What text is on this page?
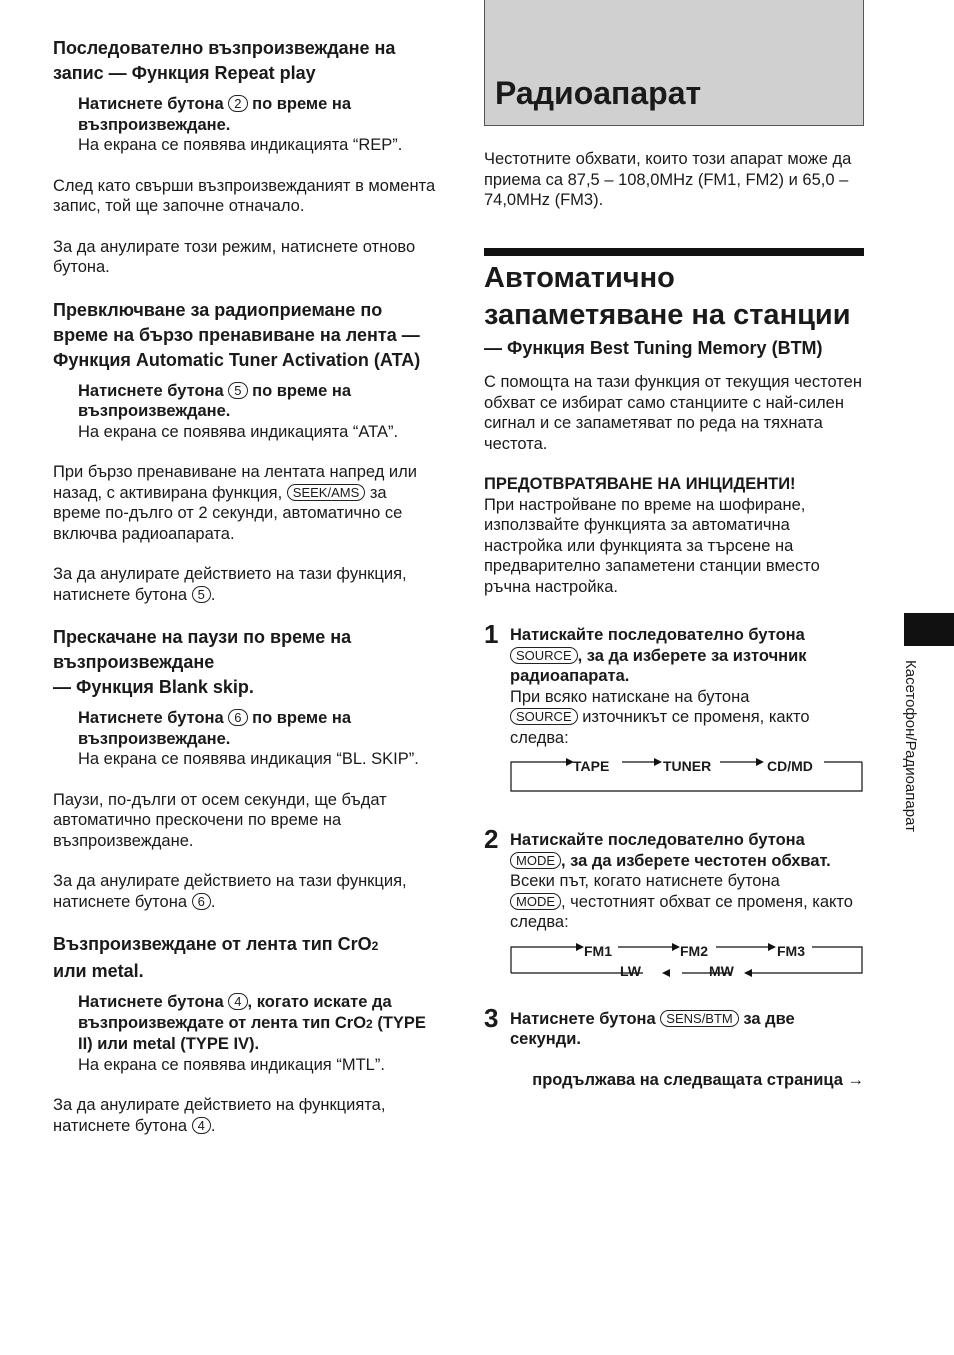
Последователно възпроизвеждане на запис — Функция Repeat play

Натиснете бутона 2 по време на възпроизвеждане.
На екрана се появява индикацията “REP”.

След като свърши възпроизвежданият в момента запис, той ще започне отначало.

За да анулирате този режим, натиснете отново бутона.

Превключване за радиоприемане по време на бързо пренавиване на лента — Функция Automatic Tuner Activation (ATA)

Натиснете бутона 5 по време на възпроизвеждане.
На екрана се появява индикацията “ATA”.

При бързо пренавиване на лентата напред или назад, с активирана функция, SEEK/AMS за време по-дълго от 2 секунди, автоматично се включва радиоапарата.

За да анулирате действието на тази функция, натиснете бутона 5 .

Прескачане на паузи по време на възпроизвеждане

— Функция Blank skip.

Натиснете бутона 6 по време на възпроизвеждане.
На екрана се появява индикация “BL. SKIP”.

Паузи, по-дълги от осем секунди, ще бъдат автоматично прескочени по време на възпроизвеждане.

За да анулирате действието на тази функция, натиснете бутона 6 .

Възпроизвеждане от лента тип CrO2
или metal.

Натиснете бутона 4 , когато искате да възпроизвеждате от лента тип CrO2 (TYPE II) или metal (TYPE IV).
На екрана се появява индикация “MTL”.

За да анулирате действието на функцията, натиснете бутона 4 .

Радиоапарат

Честотните обхвати, които този апарат може да приема са 87,5 – 108,0MHz (FM1, FM2) и 65,0 – 74,0MHz (FM3).

Автоматично запаметяване на станции
— Функция Best Tuning Memory (BTM)

С помощта на тази функция от текущия честотен обхват се избират само станциите с най-силен сигнал и се запаметяват по реда на тяхната честота.

ПРЕДОТВРАТЯВАНЕ НА ИНЦИДЕНТИ!

При настройване по време на шофиране, използвайте функцията за автоматична настройка или функцията за търсене на предварително запаметени станции вместо ръчна настройка.

1 Натискайте последователно бутона
SOURCE , за да изберете за източник радиоапарата.
При всяко натискане на бутона
SOURCE източникът се променя, както следва:
TAPE	TUNER	CD/MD
2 Натискайте последователно бутона
MODE , за да изберете честотен обхват.
Всеки път, когато натиснете бутона
MODE , честотният обхват се променя, както следва:
FM1	FM2	FM3
LW	MW
3 Натиснете бутона SENS/BTM за две секунди.

продължава на следващата страница →

Касетофон/Радиоапарат
